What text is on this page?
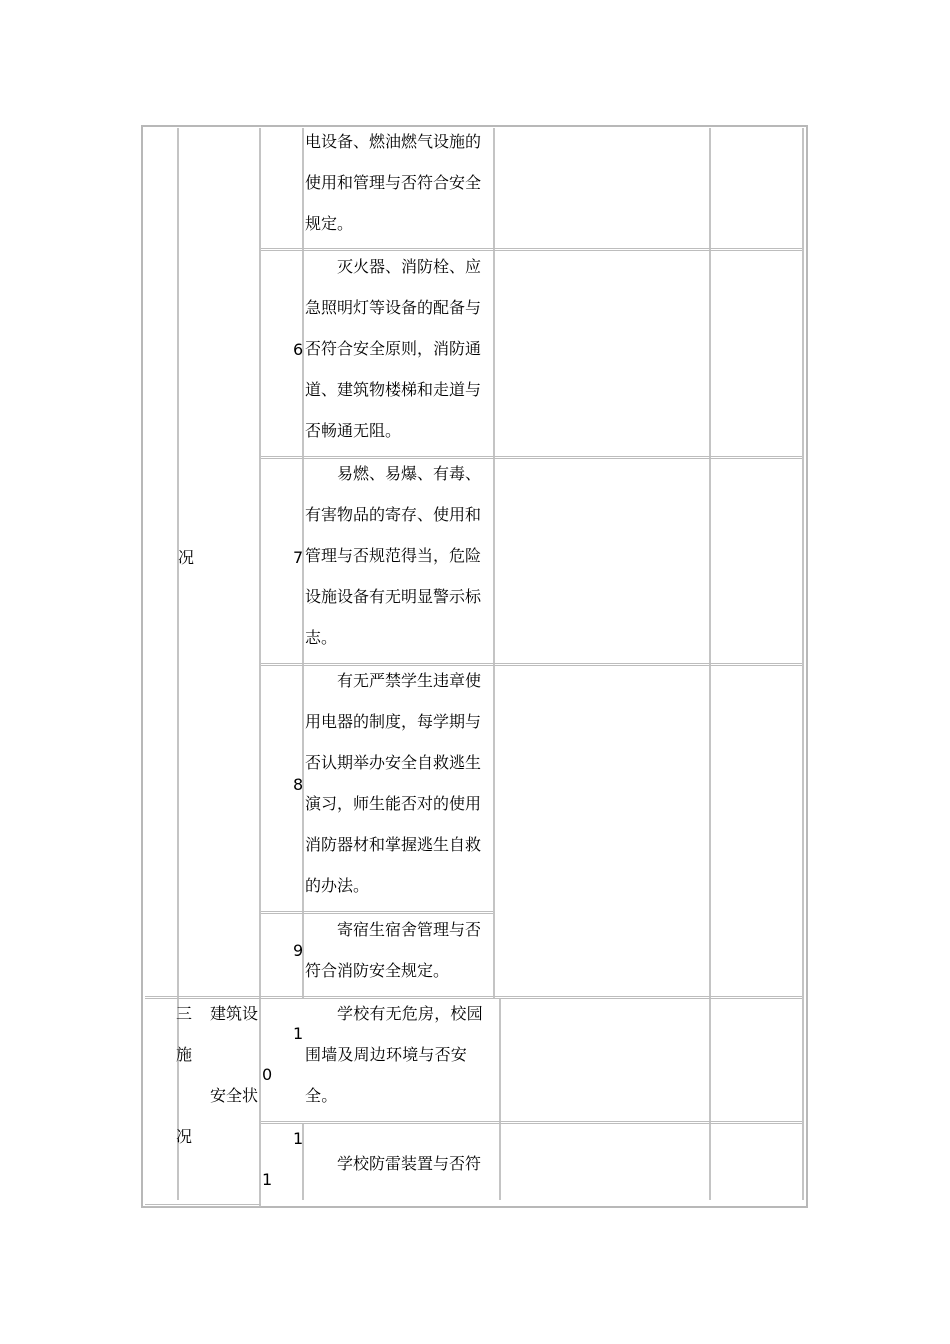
况
三
施
况
建筑设
安全状
6
7
8
9
1
0
1
1
电设备、燃油燃气设施的
使用和管理与否符合安全
规定。
灭火器、消防栓、应
急照明灯等设备的配备与
否符合安全原则，消防通
道、建筑物楼梯和走道与
否畅通无阻。
易燃、易爆、有毒、
有害物品的寄存、使用和
管理与否规范得当，危险
设施设备有无明显警示标
志。
有无严禁学生违章使
用电器的制度，每学期与
否认期举办安全自救逃生
演习，师生能否对的使用
消防器材和掌握逃生自救
的办法。
寄宿生宿舍管理与否
符合消防安全规定。
学校有无危房，校园
围墙及周边环境与否安
全。
学校防雷装置与否符
